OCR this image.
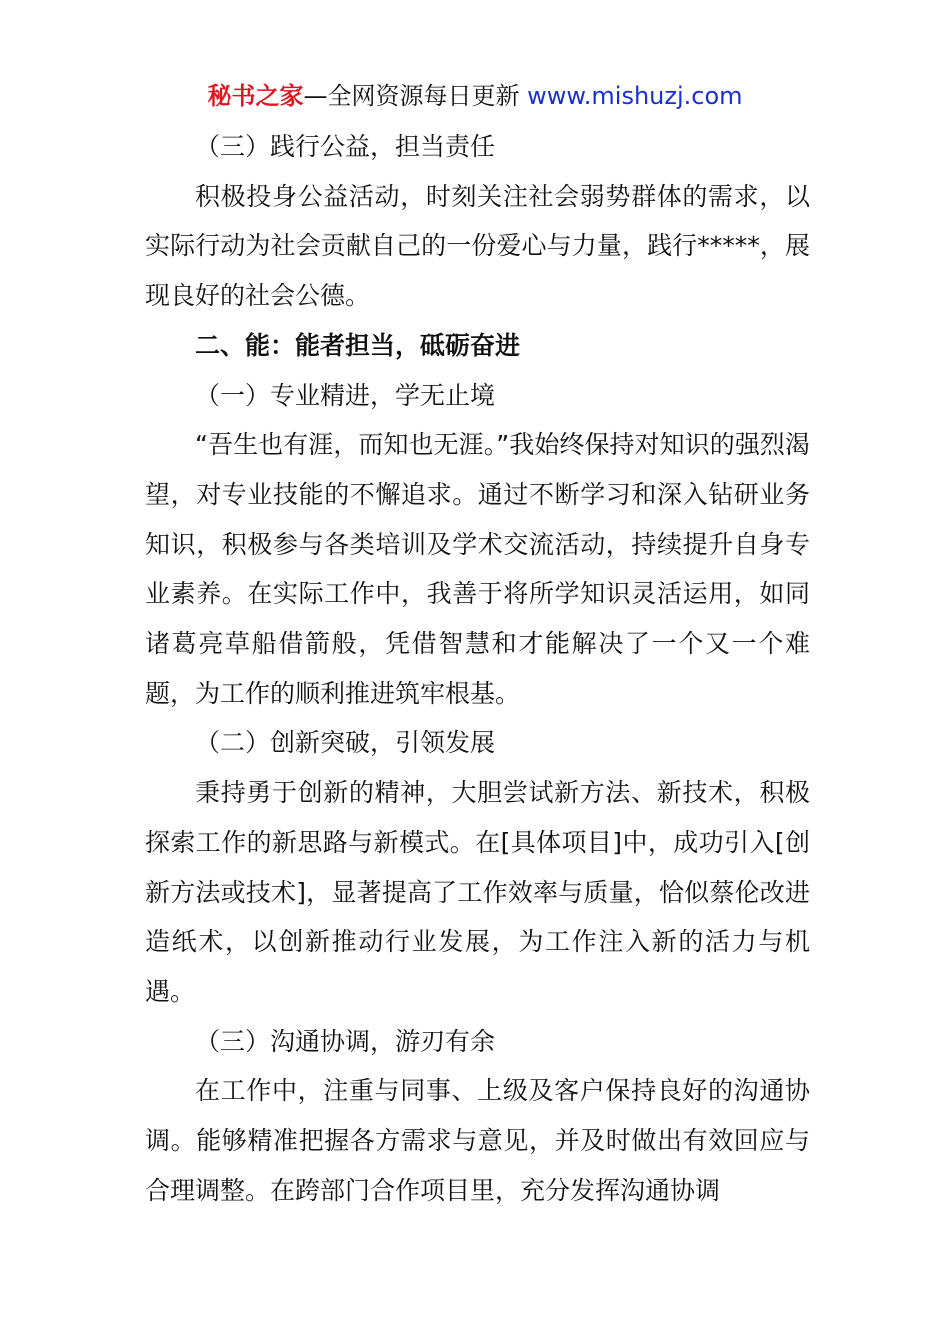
秘书之家—全网资源每日更新 www.mishuzj.com

（三）践行公益，担当责任

积极投身公益活动，时刻关注社会弱势群体的需求，以实际行动为社会贡献自己的一份爱心与力量，践行*****，展现良好的社会公德。

二、能：能者担当，砥砺奋进

（一）专业精进，学无止境

“吾生也有涯，而知也无涯。”我始终保持对知识的强烈渴望，对专业技能的不懈追求。通过不断学习和深入钻研业务知识，积极参与各类培训及学术交流活动，持续提升自身专业素养。在实际工作中，我善于将所学知识灵活运用，如同诸葛亮草船借箭般，凭借智慧和才能解决了一个又一个难题，为工作的顺利推进筑牢根基。

（二）创新突破，引领发展

秉持勇于创新的精神，大胆尝试新方法、新技术，积极探索工作的新思路与新模式。在[具体项目]中，成功引入[创新方法或技术]，显著提高了工作效率与质量，恰似蔡伦改进造纸术，以创新推动行业发展，为工作注入新的活力与机遇。

（三）沟通协调，游刃有余

在工作中，注重与同事、上级及客户保持良好的沟通协调。能够精准把握各方需求与意见，并及时做出有效回应与合理调整。在跨部门合作项目里，充分发挥沟通协调
